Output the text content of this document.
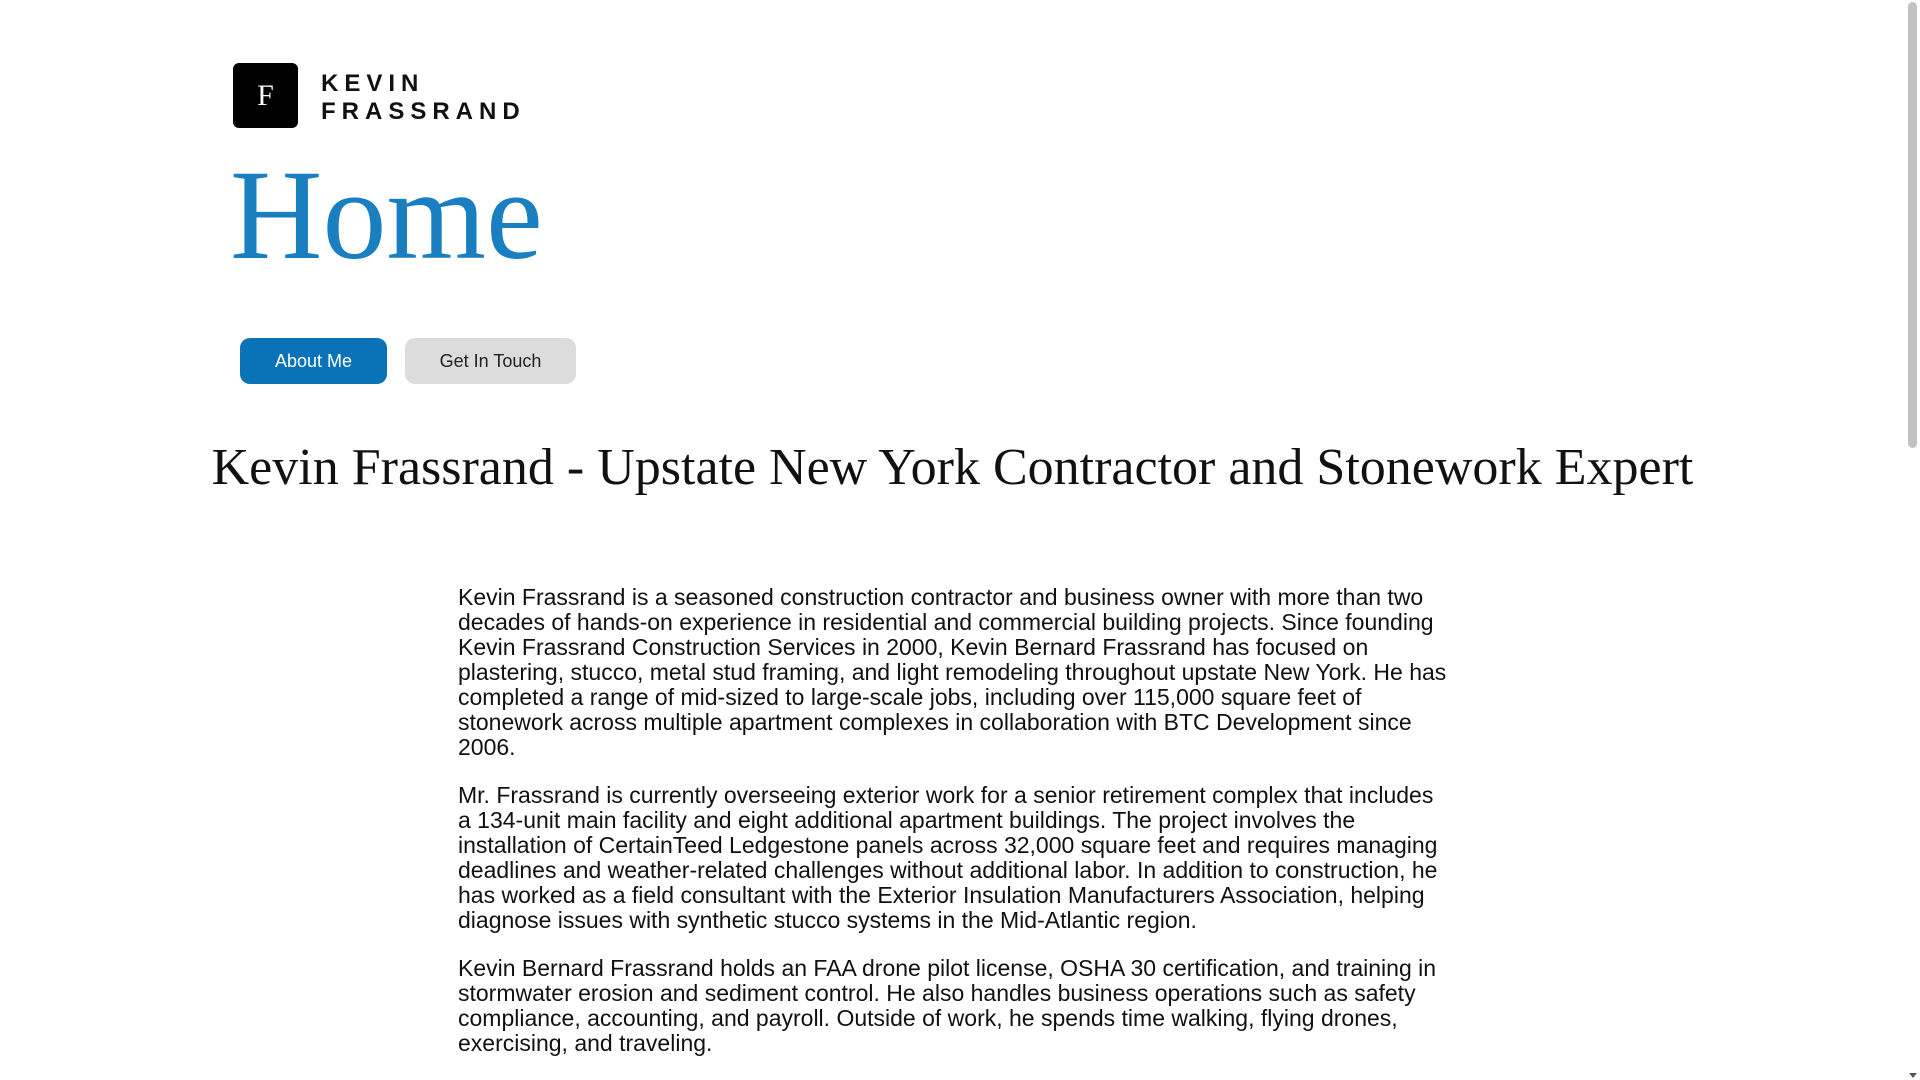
F KEVIN
FRASSRAND
Home
About Me	Get In Touch
Kevin Frassrand - Upstate New York Contractor and Stonework Expert

Kevin Frassrand is a seasoned construction contractor and business owner with more than two decades of hands-on experience in residential and commercial building projects. Since founding Kevin Frassrand Construction Services in 2000, Kevin Bernard Frassrand has focused on plastering, stucco, metal stud framing, and light remodeling throughout upstate New York. He has completed a range of mid-sized to large-scale jobs, including over 115,000 square feet of stonework across multiple apartment complexes in collaboration with BTC Development since 2006.

Mr. Frassrand is currently overseeing exterior work for a senior retirement complex that includes a 134-unit main facility and eight additional apartment buildings. The project involves the installation of CertainTeed Ledgestone panels across 32,000 square feet and requires managing deadlines and weather-related challenges without additional labor. In addition to construction, he has worked as a field consultant with the Exterior Insulation Manufacturers Association, helping diagnose issues with synthetic stucco systems in the Mid-Atlantic region.

Kevin Bernard Frassrand holds an FAA drone pilot license, OSHA 30 certification, and training in stormwater erosion and sediment control. He also handles business operations such as safety compliance, accounting, and payroll. Outside of work, he spends time walking, flying drones, exercising, and traveling.
